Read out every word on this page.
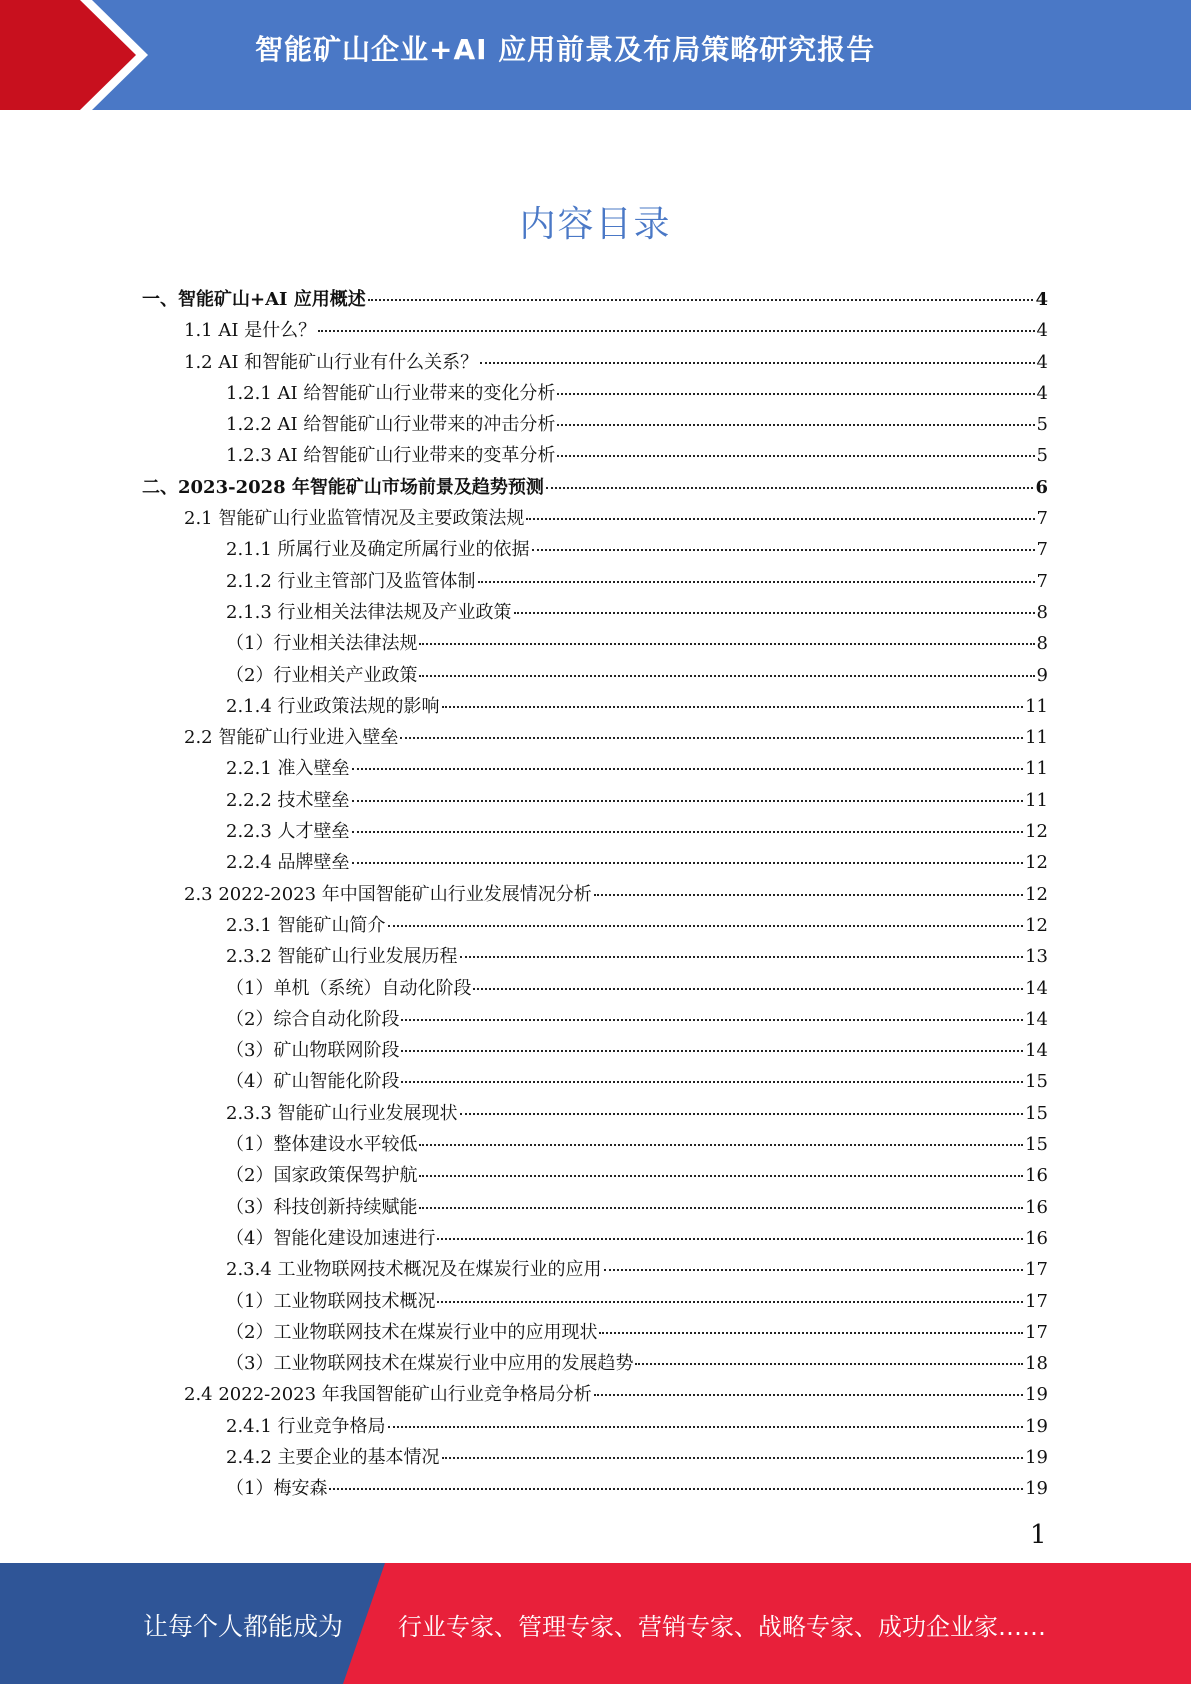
智能矿山企业+AI 应用前景及布局策略研究报告
内容目录
一、智能矿山+AI 应用概述	4
1.1 AI 是什么？	4
1.2 AI 和智能矿山行业有什么关系？	4
1.2.1 AI 给智能矿山行业带来的变化分析	4
1.2.2 AI 给智能矿山行业带来的冲击分析	5
1.2.3 AI 给智能矿山行业带来的变革分析	5
二、2023-2028 年智能矿山市场前景及趋势预测	6
2.1 智能矿山行业监管情况及主要政策法规	7
2.1.1 所属行业及确定所属行业的依据	7
2.1.2 行业主管部门及监管体制	7
2.1.3 行业相关法律法规及产业政策	8
（1）行业相关法律法规	8
（2）行业相关产业政策	9
2.1.4 行业政策法规的影响	11
2.2 智能矿山行业进入壁垒	11
2.2.1 准入壁垒	11
2.2.2 技术壁垒	11
2.2.3 人才壁垒	12
2.2.4 品牌壁垒	12
2.3 2022-2023 年中国智能矿山行业发展情况分析	12
2.3.1 智能矿山简介	12
2.3.2 智能矿山行业发展历程	13
（1）单机（系统）自动化阶段	14
（2）综合自动化阶段	14
（3）矿山物联网阶段	14
（4）矿山智能化阶段	15
2.3.3 智能矿山行业发展现状	15
（1）整体建设水平较低	15
（2）国家政策保驾护航	16
（3）科技创新持续赋能	16
（4）智能化建设加速进行	16
2.3.4 工业物联网技术概况及在煤炭行业的应用	17
（1）工业物联网技术概况	17
（2）工业物联网技术在煤炭行业中的应用现状	17
（3）工业物联网技术在煤炭行业中应用的发展趋势	18
2.4 2022-2023 年我国智能矿山行业竞争格局分析	19
2.4.1 行业竞争格局	19
2.4.2 主要企业的基本情况	19
（1）梅安森	19
1
让每个人都能成为 行业专家、管理专家、营销专家、战略专家、成功企业家……
